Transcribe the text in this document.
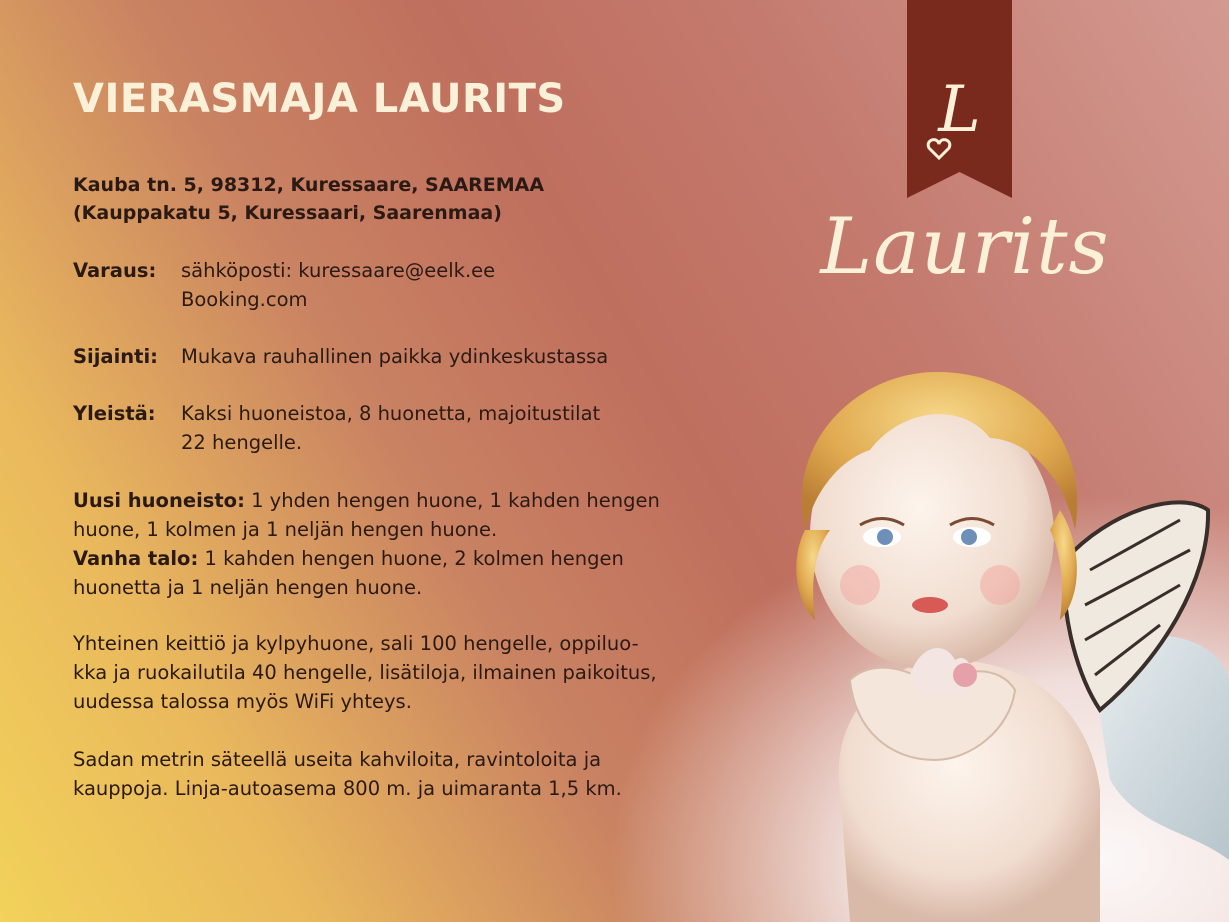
VIERASMAJA LAURITS
Kauba tn. 5, 98312, Kuressaare, SAAREMAA
(Kauppakatu 5, Kuressaari, Saarenmaa)
Varaus:	sähköposti: kuressaare@eelk.ee
Booking.com
Sijainti:	Mukava rauhallinen paikka ydinkeskustassa
Yleistä:	Kaksi huoneistoa, 8 huonetta, majoitustilat
22 hengelle.

Uusi huoneisto: 1 yhden hengen huone, 1 kahden hengen

huone, 1 kolmen ja 1 neljän hengen huone.

Vanha talo: 1 kahden hengen huone, 2 kolmen hengen

huonetta ja 1 neljän hengen huone.

Yhteinen keittiö ja kylpyhuone, sali 100 hengelle, oppiluo-

kka ja ruokailutila 40 hengelle, lisätiloja, ilmainen paikoitus,

uudessa talossa myös WiFi yhteys.

Sadan metrin säteellä useita kahviloita, ravintoloita ja

kauppoja. Linja-autoasema 800 m. ja uimaranta 1,5 km.

L
Laurits
